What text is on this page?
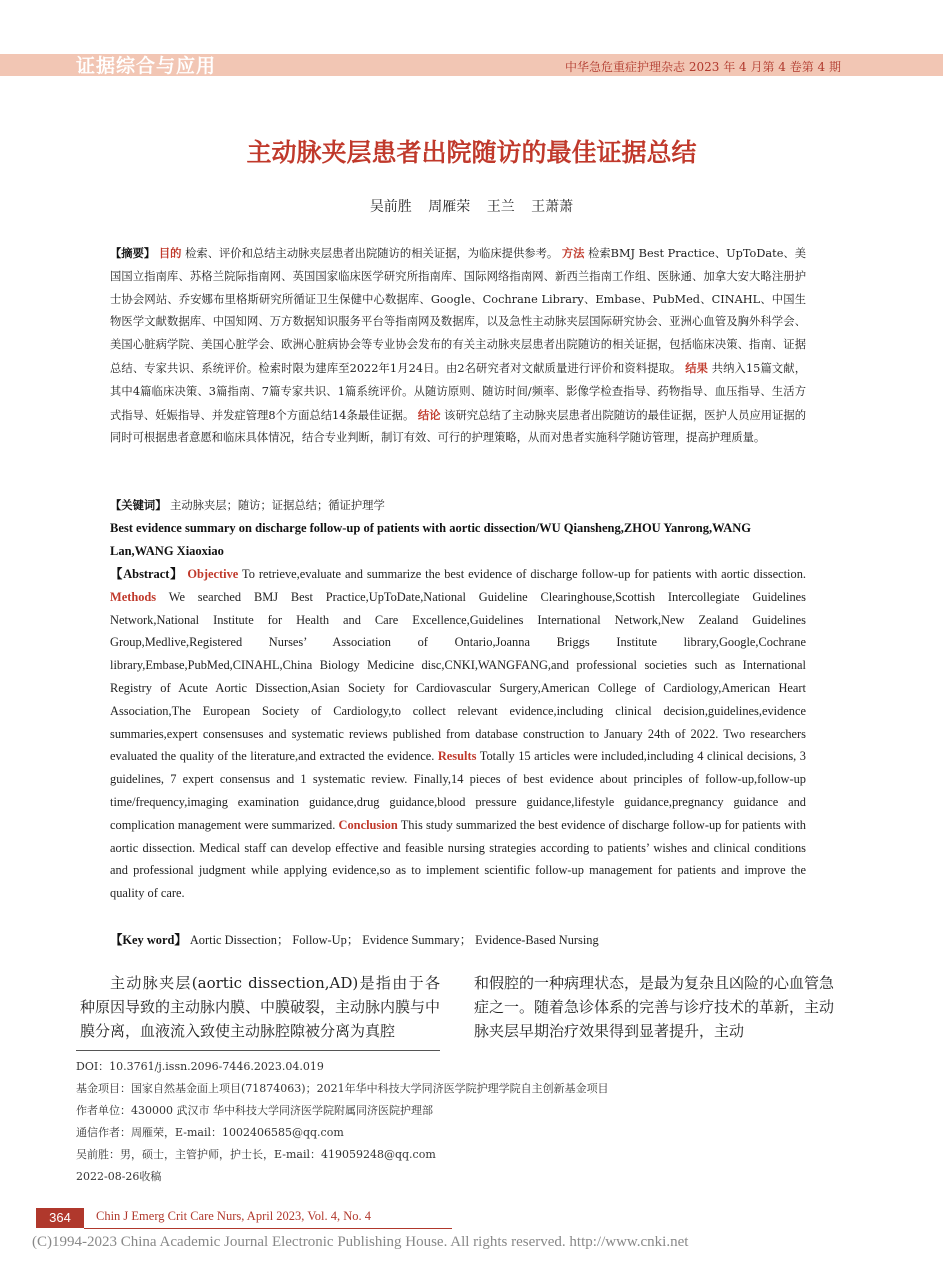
证据综合与应用	中华急危重症护理杂志 2023 年 4 月第 4 卷第 4 期
主动脉夹层患者出院随访的最佳证据总结
吴前胜 周雁荣 王兰 王萧萧
【摘要】 目的 检索、评价和总结主动脉夹层患者出院随访的相关证据，为临床提供参考。 方法 检索BMJ Best Practice、UpToDate、美国国立指南库、苏格兰院际指南网、英国国家临床医学研究所指南库、国际网络指南网、新西兰指南工作组、医脉通、加拿大安大略注册护士协会网站、乔安娜布里格斯研究所循证卫生保健中心数据库、Google、Cochrane Library、Embase、PubMed、CINAHL、中国生物医学文献数据库、中国知网、万方数据知识服务平台等指南网及数据库，以及急性主动脉夹层国际研究协会、亚洲心血管及胸外科学会、美国心脏病学院、美国心脏学会、欧洲心脏病协会等专业协会发布的有关主动脉夹层患者出院随访的相关证据，包括临床决策、指南、证据总结、专家共识、系统评价。检索时限为建库至2022年1月24日。由2名研究者对文献质量进行评价和资料提取。 结果 共纳入15篇文献，其中4篇临床决策、3篇指南、7篇专家共识、1篇系统评价。从随访原则、随访时间/频率、影像学检查指导、药物指导、血压指导、生活方式指导、妊娠指导、并发症管理8个方面总结14条最佳证据。 结论 该研究总结了主动脉夹层患者出院随访的最佳证据，医护人员应用证据的同时可根据患者意愿和临床具体情况，结合专业判断，制订有效、可行的护理策略，从而对患者实施科学随访管理，提高护理质量。
【关键词】 主动脉夹层；随访；证据总结；循证护理学
Best evidence summary on discharge follow-up of patients with aortic dissection/WU Qiansheng,ZHOU Yanrong,WANG Lan,WANG Xiaoxiao
【Abstract】 Objective To retrieve,evaluate and summarize the best evidence of discharge follow-up for patients with aortic dissection. Methods We searched BMJ Best Practice,UpToDate,National Guideline Clearinghouse,Scottish Intercollegiate Guidelines Network,National Institute for Health and Care Excellence,Guidelines International Network,New Zealand Guidelines Group,Medlive,Registered Nurses’ Association of Ontario,Joanna Briggs Institute library,Google,Cochrane library,Embase,PubMed,CINAHL,China Biology Medicine disc,CNKI,WANGFANG,and professional societies such as International Registry of Acute Aortic Dissection,Asian Society for Cardiovascular Surgery,American College of Cardiology,American Heart Association,The European Society of Cardiology,to collect relevant evidence,including clinical decision,guidelines,evidence summaries,expert consensuses and systematic reviews published from database construction to January 24th of 2022. Two researchers evaluated the quality of the literature,and extracted the evidence. Results Totally 15 articles were included,including 4 clinical decisions, 3 guidelines, 7 expert consensus and 1 systematic review. Finally,14 pieces of best evidence about principles of follow-up,follow-up time/frequency,imaging examination guidance,drug guidance,blood pressure guidance,lifestyle guidance,pregnancy guidance and complication management were summarized. Conclusion This study summarized the best evidence of discharge follow-up for patients with aortic dissection. Medical staff can develop effective and feasible nursing strategies according to patients’ wishes and clinical conditions and professional judgment while applying evidence,so as to implement scientific follow-up management for patients and improve the quality of care.
【Key word】 Aortic Dissection； Follow-Up； Evidence Summary； Evidence-Based Nursing
主动脉夹层(aortic dissection,AD)是指由于各种原因导致的主动脉内膜、中膜破裂，主动脉内膜与中膜分离，血液流入致使主动脉腔隙被分离为真腔
和假腔的一种病理状态，是最为复杂且凶险的心血管急症之一。随着急诊体系的完善与诊疗技术的革新，主动脉夹层早期治疗效果得到显著提升，主动
DOI：10.3761/j.issn.2096-7446.2023.04.019
基金项目：国家自然基金面上项目(71874063)；2021年华中科技大学同济医学院护理学院自主创新基金项目
作者单位：430000 武汉市 华中科技大学同济医学院附属同济医院护理部
通信作者：周雁荣，E-mail：1002406585@qq.com
吴前胜：男，硕士，主管护师，护士长，E-mail：419059248@qq.com
2022-08-26收稿
364	Chin J Emerg Crit Care Nurs, April 2023, Vol. 4, No. 4
(C)1994-2023 China Academic Journal Electronic Publishing House. All rights reserved. http://www.cnki.net
